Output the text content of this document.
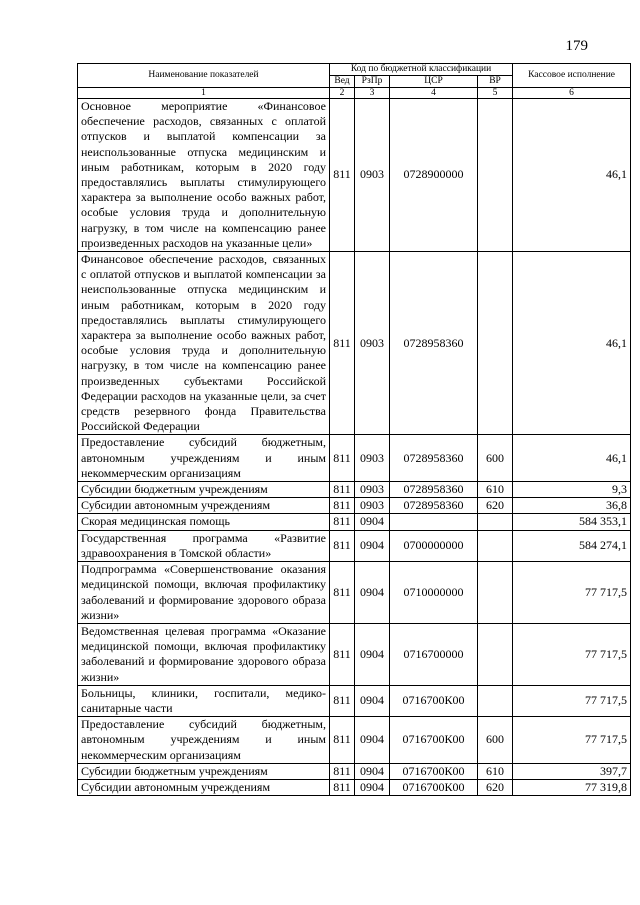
179
Наименование показателей	Код по бюджетной классификации				Кассовое исполнение
	Вед	РзПр	ЦСР	ВР	
1	2	3	4	5	6
Основное мероприятие «Финансовое обеспечение расходов, связанных с оплатой отпусков и выплатой компенсации за неиспользованные отпуска медицинским и иным работникам, которым в 2020 году предоставлялись выплаты стимулирующего характера за выполнение особо важных работ, особые условия труда и дополнительную нагрузку, в том числе на компенсацию ранее произведенных расходов на указанные цели»	811	0903	0728900000		46,1
Финансовое обеспечение расходов, связанных с оплатой отпусков и выплатой компенсации за неиспользованные отпуска медицинским и иным работникам, которым в 2020 году предоставлялись выплаты стимулирующего характера за выполнение особо важных работ, особые условия труда и дополнительную нагрузку, в том числе на компенсацию ранее произведенных субъектами Российской Федерации расходов на указанные цели, за счет средств резервного фонда Правительства Российской Федерации	811	0903	0728958360		46,1
Предоставление субсидий бюджетным, автономным учреждениям и иным некоммерческим организациям	811	0903	0728958360	600	46,1
Субсидии бюджетным учреждениям	811	0903	0728958360	610	9,3
Субсидии автономным учреждениям	811	0903	0728958360	620	36,8
Скорая медицинская помощь	811	0904			584 353,1
Государственная программа «Развитие здравоохранения в Томской области»	811	0904	0700000000		584 274,1
Подпрограмма «Совершенствование оказания медицинской помощи, включая профилактику заболеваний и формирование здорового образа жизни»	811	0904	0710000000		77 717,5
Ведомственная целевая программа «Оказание медицинской помощи, включая профилактику заболеваний и формирование здорового образа жизни»	811	0904	0716700000		77 717,5
Больницы, клиники, госпитали, медико-санитарные части	811	0904	0716700К00		77 717,5
Предоставление субсидий бюджетным, автономным учреждениям и иным некоммерческим организациям	811	0904	0716700К00	600	77 717,5
Субсидии бюджетным учреждениям	811	0904	0716700К00	610	397,7
Субсидии автономным учреждениям	811	0904	0716700К00	620	77 319,8
